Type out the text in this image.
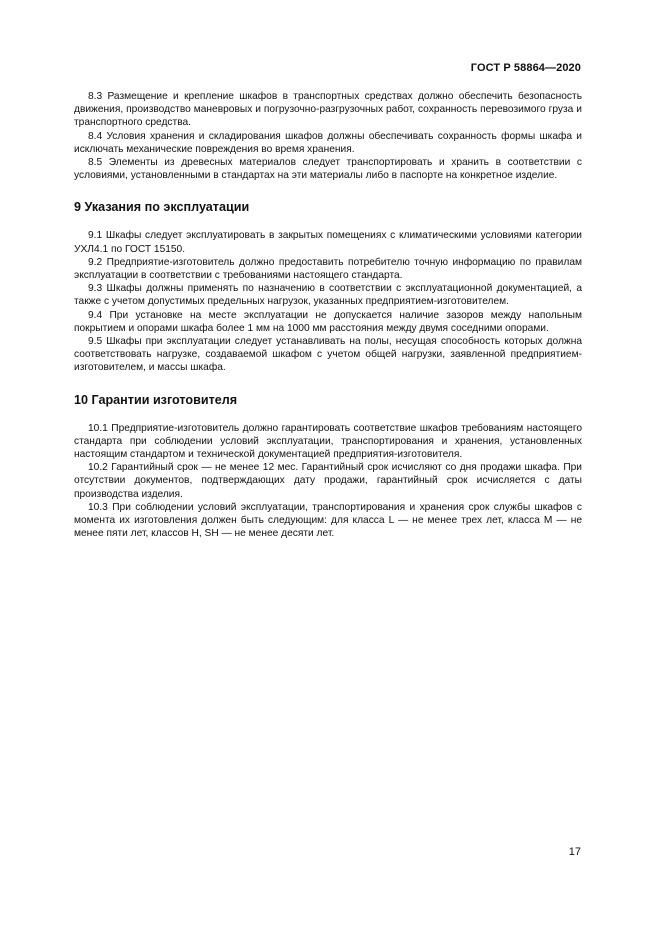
ГОСТ Р 58864—2020

8.3 Размещение и крепление шкафов в транспортных средствах должно обеспечить безопасность движения, производство маневровых и погрузочно-разгрузочных работ, сохранность перевозимого груза и транспортного средства.

8.4 Условия хранения и складирования шкафов должны обеспечивать сохранность формы шкафа и исключать механические повреждения во время хранения.

8.5 Элементы из древесных материалов следует транспортировать и хранить в соответствии с условиями, установленными в стандартах на эти материалы либо в паспорте на конкретное изделие.

9 Указания по эксплуатации

9.1 Шкафы следует эксплуатировать в закрытых помещениях с климатическими условиями категории УХЛ4.1 по ГОСТ 15150.

9.2 Предприятие-изготовитель должно предоставить потребителю точную информацию по правилам эксплуатации в соответствии с требованиями настоящего стандарта.

9.3 Шкафы должны применять по назначению в соответствии с эксплуатационной документацией, а также с учетом допустимых предельных нагрузок, указанных предприятием-изготовителем.

9.4 При установке на месте эксплуатации не допускается наличие зазоров между напольным покрытием и опорами шкафа более 1 мм на 1000 мм расстояния между двумя соседними опорами.

9.5 Шкафы при эксплуатации следует устанавливать на полы, несущая способность которых должна соответствовать нагрузке, создаваемой шкафом с учетом общей нагрузки, заявленной предприятием-изготовителем, и массы шкафа.

10 Гарантии изготовителя

10.1 Предприятие-изготовитель должно гарантировать соответствие шкафов требованиям настоящего стандарта при соблюдении условий эксплуатации, транспортирования и хранения, установленных настоящим стандартом и технической документацией предприятия-изготовителя.

10.2 Гарантийный срок — не менее 12 мес. Гарантийный срок исчисляют со дня продажи шкафа. При отсутствии документов, подтверждающих дату продажи, гарантийный срок исчисляется с даты производства изделия.

10.3 При соблюдении условий эксплуатации, транспортирования и хранения срок службы шкафов с момента их изготовления должен быть следующим: для класса L — не менее трех лет, класса M — не менее пяти лет, классов H, SH — не менее десяти лет.

17
